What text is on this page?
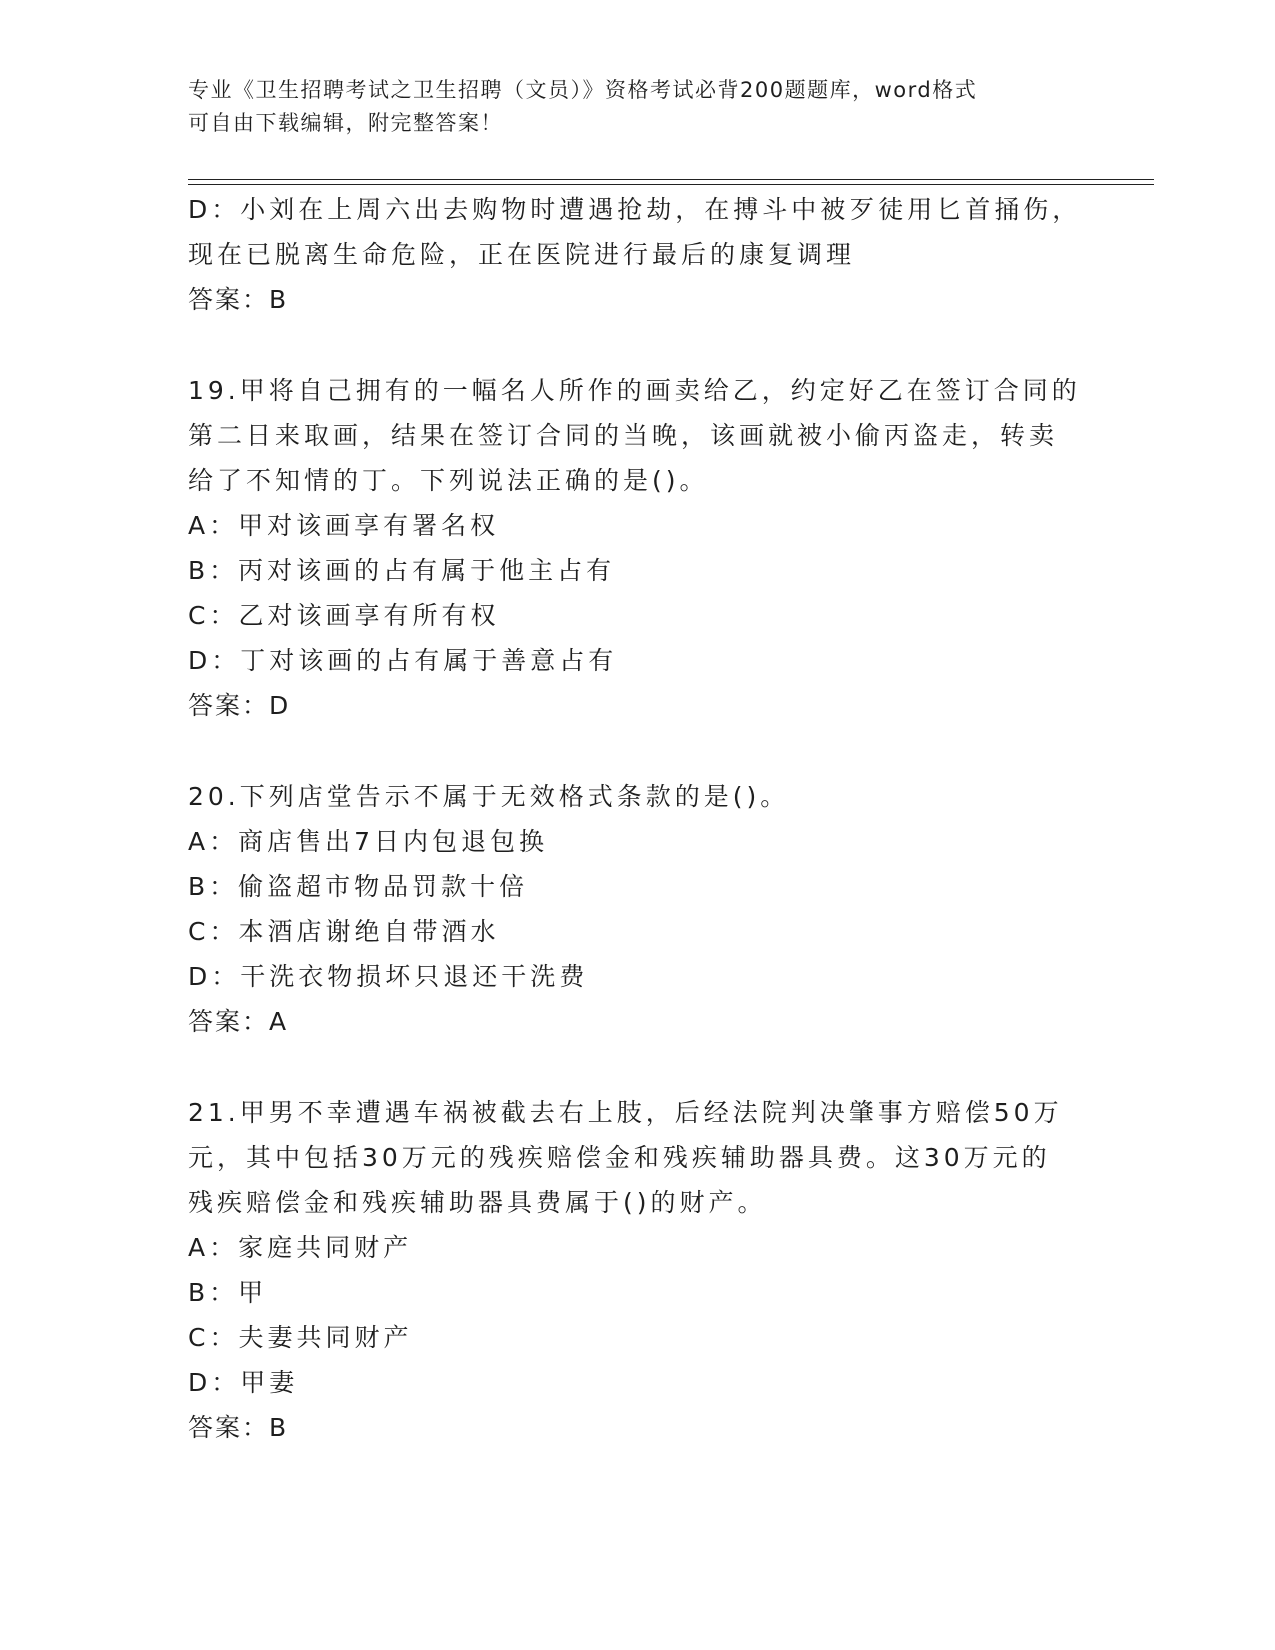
专业《卫生招聘考试之卫生招聘（文员）》资格考试必背200题题库，word格式
可自由下载编辑，附完整答案！
D：小刘在上周六出去购物时遭遇抢劫，在搏斗中被歹徒用匕首捅伤，
现在已脱离生命危险，正在医院进行最后的康复调理
答案：B
19.甲将自己拥有的一幅名人所作的画卖给乙，约定好乙在签订合同的
第二日来取画，结果在签订合同的当晚，该画就被小偷丙盗走，转卖
给了不知情的丁。下列说法正确的是()。
A：甲对该画享有署名权
B：丙对该画的占有属于他主占有
C：乙对该画享有所有权
D：丁对该画的占有属于善意占有
答案：D
20.下列店堂告示不属于无效格式条款的是()。
A：商店售出7日内包退包换
B：偷盗超市物品罚款十倍
C：本酒店谢绝自带酒水
D：干洗衣物损坏只退还干洗费
答案：A
21.甲男不幸遭遇车祸被截去右上肢，后经法院判决肇事方赔偿50万
元，其中包括30万元的残疾赔偿金和残疾辅助器具费。这30万元的
残疾赔偿金和残疾辅助器具费属于()的财产。
A：家庭共同财产
B：甲
C：夫妻共同财产
D：甲妻
答案：B
